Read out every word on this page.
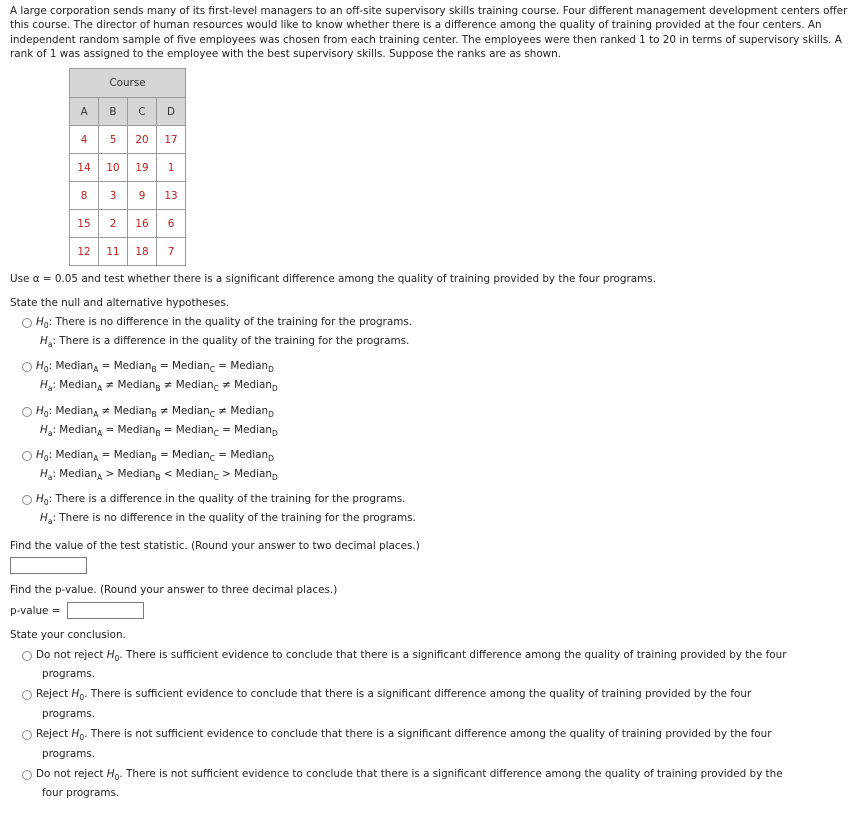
A large corporation sends many of its first-level managers to an off-site supervisory skills training course. Four different management development centers offer this course. The director of human resources would like to know whether there is a difference among the quality of training provided at the four centers. An independent random sample of five employees was chosen from each training center. The employees were then ranked 1 to 20 in terms of supervisory skills. A rank of 1 was assigned to the employee with the best supervisory skills. Suppose the ranks are as shown.
Course			
A	B	C	D
4	5	20	17
14	10	19	1
8	3	9	13
15	2	16	6
12	11	18	7
Use α = 0.05 and test whether there is a significant difference among the quality of training provided by the four programs.
State the null and alternative hypotheses.
$H_0$: There is no difference in the quality of the training for the programs.
$H_a$: There is a difference in the quality of the training for the programs.
$H_0$: Median$_A$ = Median$_B$ = Median$_C$ = Median$_D$
$H_a$: Median$_A$ ≠ Median$_B$ ≠ Median$_C$ ≠ Median$_D$
$H_0$: Median$_A$ ≠ Median$_B$ ≠ Median$_C$ ≠ Median$_D$
$H_a$: Median$_A$ = Median$_B$ = Median$_C$ = Median$_D$
$H_0$: Median$_A$ = Median$_B$ = Median$_C$ = Median$_D$
$H_a$: Median$_A$ > Median$_B$ < Median$_C$ > Median$_D$
$H_0$: There is a difference in the quality of the training for the programs.
$H_a$: There is no difference in the quality of the training for the programs.
Find the value of the test statistic. (Round your answer to two decimal places.)
Find the p-value. (Round your answer to three decimal places.)
p-value =
State your conclusion.
Do not reject $H_0$. There is sufficient evidence to conclude that there is a significant difference among the quality of training provided by the four
programs.
Reject $H_0$. There is sufficient evidence to conclude that there is a significant difference among the quality of training provided by the four
programs.
Reject $H_0$. There is not sufficient evidence to conclude that there is a significant difference among the quality of training provided by the four
programs.
Do not reject $H_0$. There is not sufficient evidence to conclude that there is a significant difference among the quality of training provided by the
four programs.
